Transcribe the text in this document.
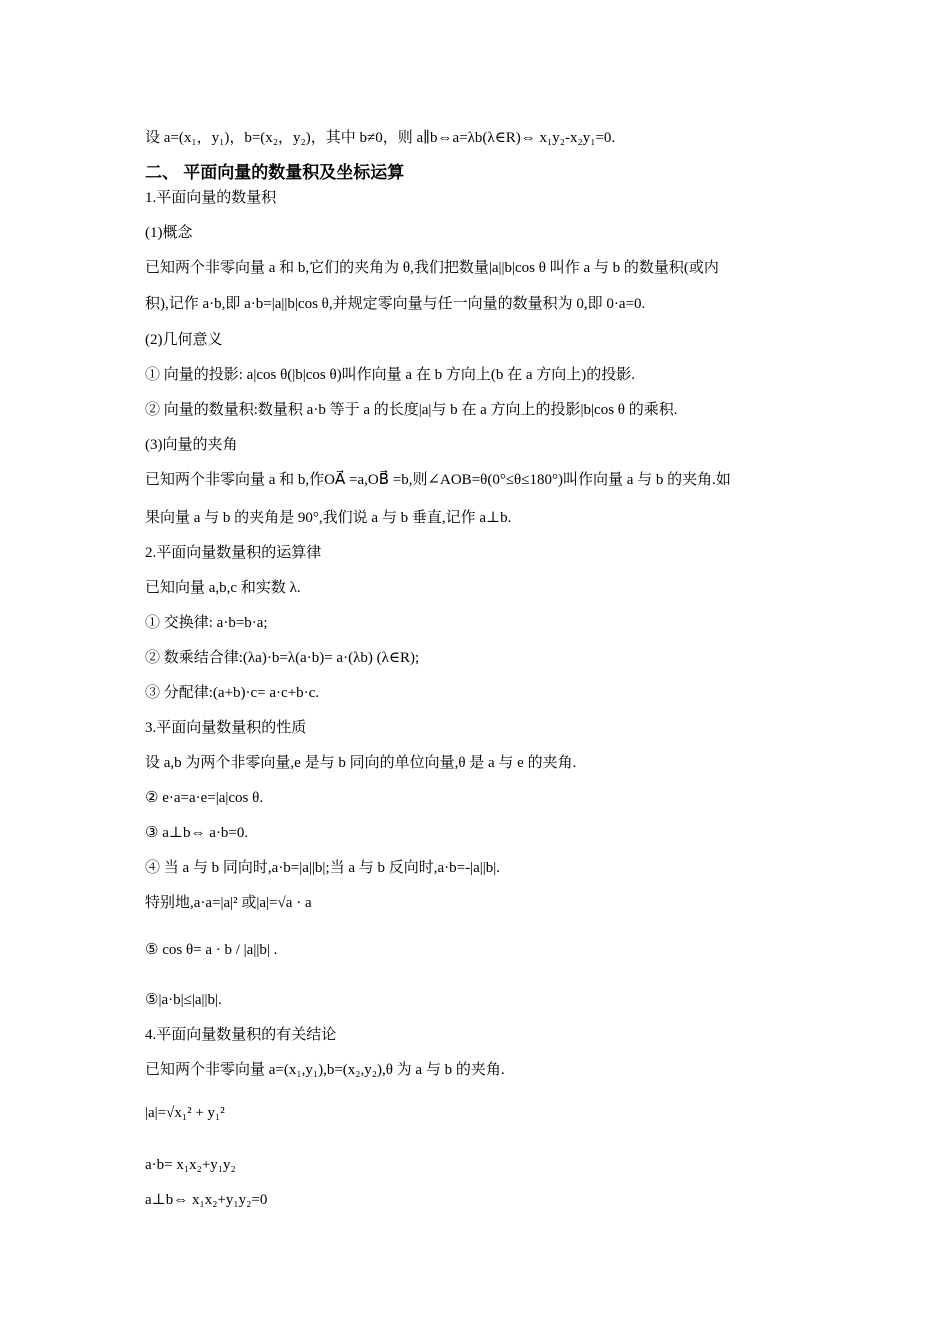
设 a=(x₁，y₁)，b=(x₂，y₂)，其中 b≠0，则 a∥b⇔a=λb(λ∈R)⇔ x₁y₂-x₂y₁=0.
二、 平面向量的数量积及坐标运算
1.平面向量的数量积
(1)概念
已知两个非零向量 a 和 b,它们的夹角为 θ,我们把数量|a||b|cos θ 叫作 a 与 b 的数量积(或内
积),记作 a·b,即 a·b=|a||b|cos θ,并规定零向量与任一向量的数量积为 0,即 0·a=0.
(2)几何意义
① 向量的投影: a|cos θ(|b|cos θ)叫作向量 a 在 b 方向上(b 在 a 方向上)的投影.
② 向量的数量积:数量积 a·b 等于 a 的长度|a|与 b 在 a 方向上的投影|b|cos θ 的乘积.
(3)向量的夹角
已知两个非零向量 a 和 b,作OA⃗ =a,OB⃗ =b,则∠AOB=θ(0°≤θ≤180°)叫作向量 a 与 b 的夹角.如
果向量 a 与 b 的夹角是 90°,我们说 a 与 b 垂直,记作 a⊥b.
2.平面向量数量积的运算律
已知向量 a,b,c 和实数 λ.
① 交换律: a·b=b·a;
② 数乘结合律:(λa)·b=λ(a·b)= a·(λb) (λ∈R);
③ 分配律:(a+b)·c= a·c+b·c.
3.平面向量数量积的性质
设 a,b 为两个非零向量,e 是与 b 同向的单位向量,θ 是 a 与 e 的夹角.
② e·a=a·e=|a|cos θ.
③ a⊥b⇔ a·b=0.
④ 当 a 与 b 同向时,a·b=|a||b|;当 a 与 b 反向时,a·b=-|a||b|.
特别地,a·a=|a|² 或|a|=√a · a
⑤ cos θ= a · b / |a||b| .
⑤|a·b|≤|a||b|.
4.平面向量数量积的有关结论
已知两个非零向量 a=(x₁,y₁),b=(x₂,y₂),θ 为 a 与 b 的夹角.
|a|=√x₁² + y₁²
a·b= x₁x₂+y₁y₂
a⊥b⇔ x₁x₂+y₁y₂=0
